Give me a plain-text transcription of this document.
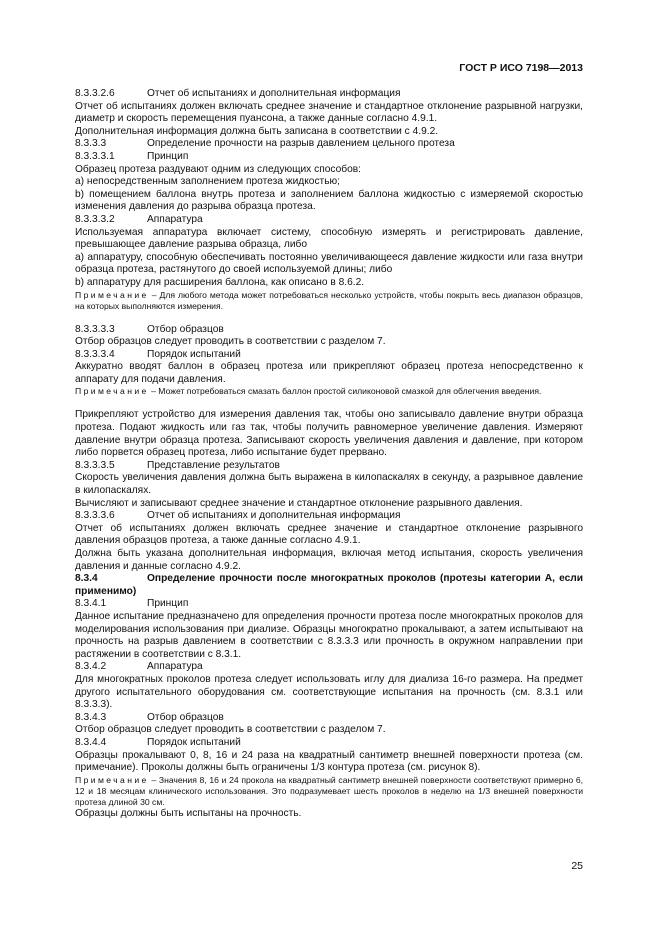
ГОСТ Р ИСО 7198—2013
8.3.3.2.6	Отчет об испытаниях и дополнительная информация

Отчет об испытаниях должен включать среднее значение и стандартное отклонение разрывной нагрузки, диаметр и скорость перемещения пуансона, а также данные согласно 4.9.1.

Дополнительная информация должна быть записана в соответствии с 4.9.2.

8.3.3.3	Определение прочности на разрыв давлением цельного протеза
8.3.3.3.1	Принцип

Образец протеза раздувают одним из следующих способов:

a) непосредственным заполнением протеза жидкостью;

b) помещением баллона внутрь протеза и заполнением баллона жидкостью с измеряемой скоростью изменения давления до разрыва образца протеза.

8.3.3.3.2	Аппаратура

Используемая аппаратура включает систему, способную измерять и регистрировать давление, превышающее давление разрыва образца, либо

a) аппаратуру, способную обеспечивать постоянно увеличивающееся давление жидкости или газа внутри образца протеза, растянутого до своей используемой длины; либо

b) аппаратуру для расширения баллона, как описано в 8.6.2.

Примечание – Для любого метода может потребоваться несколько устройств, чтобы покрыть весь диапазон образцов, на которых выполняются измерения.

8.3.3.3.3	Отбор образцов

Отбор образцов следует проводить в соответствии с разделом 7.

8.3.3.3.4	Порядок испытаний

Аккуратно вводят баллон в образец протеза или прикрепляют образец протеза непосредственно к аппарату для подачи давления.

Примечание – Может потребоваться смазать баллон простой силиконовой смазкой для облегчения введения.

Прикрепляют устройство для измерения давления так, чтобы оно записывало давление внутри образца протеза. Подают жидкость или газ так, чтобы получить равномерное увеличение давления. Измеряют давление внутри образца протеза. Записывают скорость увеличения давления и давление, при котором либо порвется образец протеза, либо испытание будет прервано.

8.3.3.3.5	Представление результатов

Скорость увеличения давления должна быть выражена в килопаскалях в секунду, а разрывное давление в килопаскалях.

Вычисляют и записывают среднее значение и стандартное отклонение разрывного давления.

8.3.3.3.6	Отчет об испытаниях и дополнительная информация

Отчет об испытаниях должен включать среднее значение и стандартное отклонение разрывного давления образцов протеза, а также данные согласно 4.9.1.

Должна быть указана дополнительная информация, включая метод испытания, скорость увеличения давления и данные согласно 4.9.2.

8.3.4	Определение прочности после многократных проколов (протезы категории A, если применимо)
8.3.4.1	Принцип

Данное испытание предназначено для определения прочности протеза после многократных проколов для моделирования использования при диализе. Образцы многократно прокалывают, а затем испытывают на прочность на разрыв давлением в соответствии с 8.3.3.3 или прочность в окружном направлении при растяжении в соответствии с 8.3.1.

8.3.4.2	Аппаратура

Для многократных проколов протеза следует использовать иглу для диализа 16-го размера. На предмет другого испытательного оборудования см. соответствующие испытания на прочность (см. 8.3.1 или 8.3.3.3).

8.3.4.3	Отбор образцов

Отбор образцов следует проводить в соответствии с разделом 7.

8.3.4.4	Порядок испытаний

Образцы прокалывают 0, 8, 16 и 24 раза на квадратный сантиметр внешней поверхности протеза (см. примечание). Проколы должны быть ограничены 1/3 контура протеза (см. рисунок 8).

Примечание – Значения 8, 16 и 24 прокола на квадратный сантиметр внешней поверхности соответствуют примерно 6, 12 и 18 месяцам клинического использования. Это подразумевает шесть проколов в неделю на 1/3 внешней поверхности протеза длиной 30 см.

Образцы должны быть испытаны на прочность.

25
